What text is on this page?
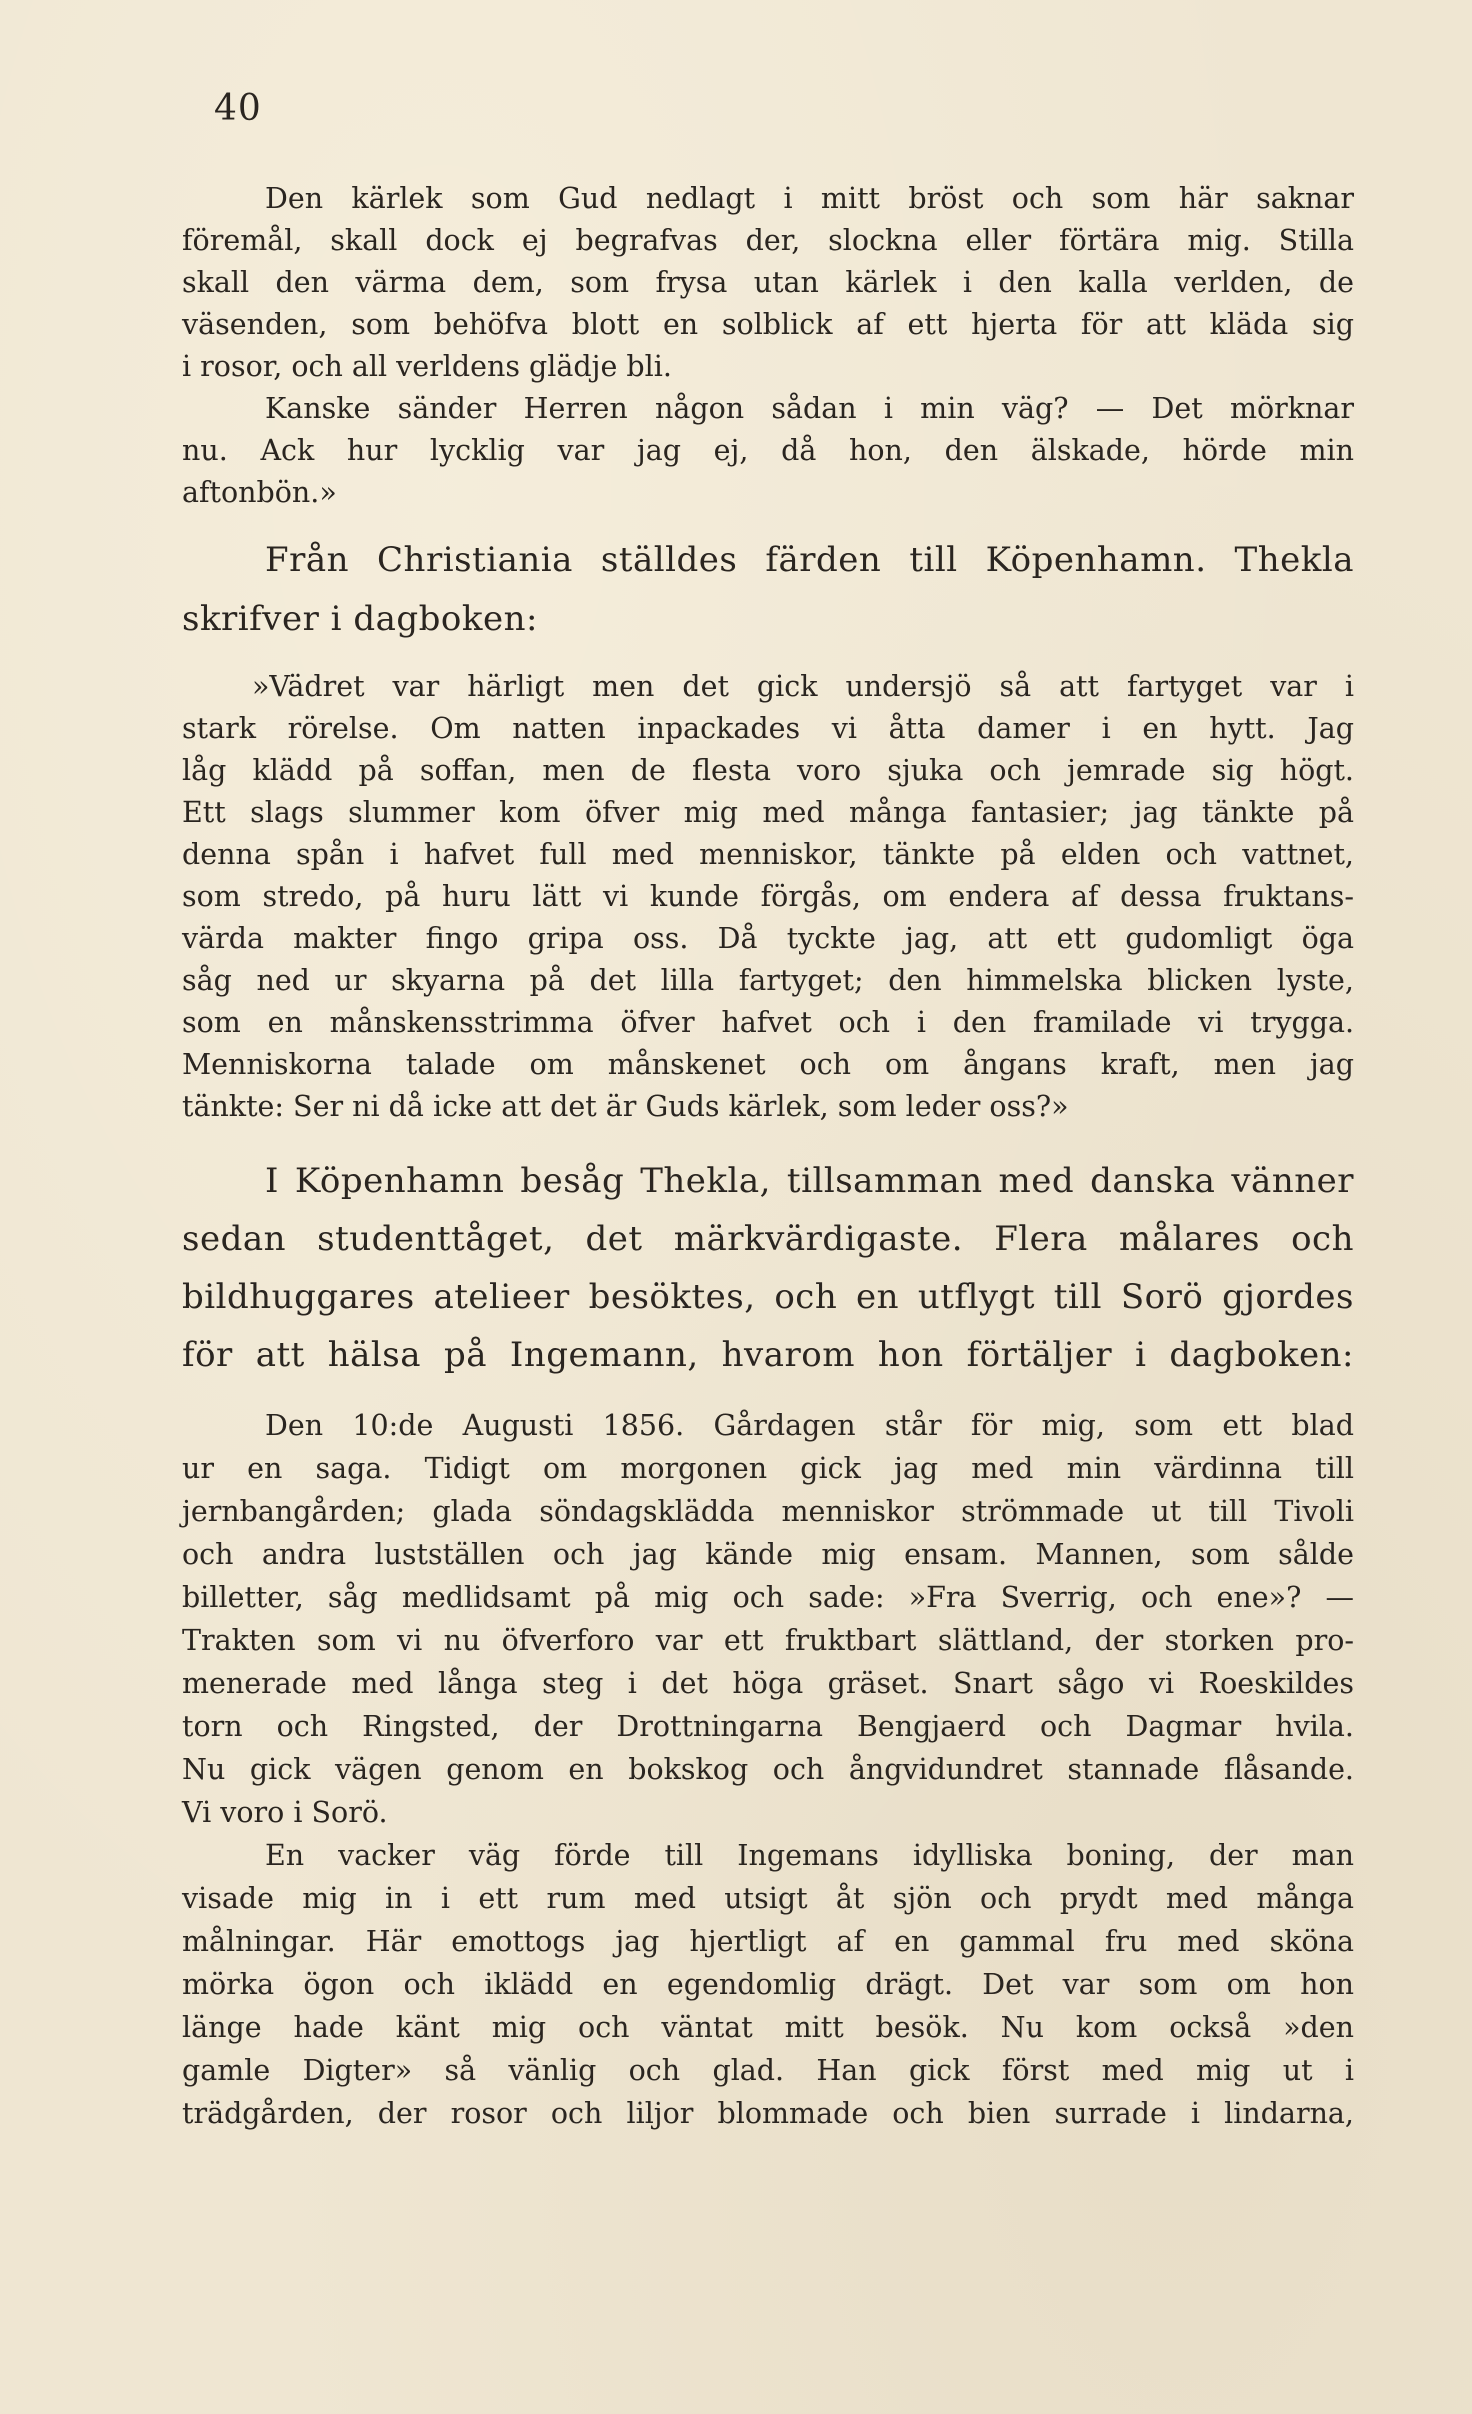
40
Den kärlek som Gud nedlagt i mitt bröst och som här saknar
föremål, skall dock ej begrafvas der, slockna eller förtära mig. Stilla
skall den värma dem, som frysa utan kärlek i den kalla verlden, de
väsenden, som behöfva blott en solblick af ett hjerta för att kläda sig
i rosor, och all verldens glädje bli.
Kanske sänder Herren någon sådan i min väg? — Det mörknar
nu. Ack hur lycklig var jag ej, då hon, den älskade, hörde min
aftonbön.»
Från Christiania ställdes färden till Köpenhamn. Thekla
skrifver i dagboken:
»Vädret var härligt men det gick undersjö så att fartyget var i
stark rörelse. Om natten inpackades vi åtta damer i en hytt. Jag
låg klädd på soffan, men de flesta voro sjuka och jemrade sig högt.
Ett slags slummer kom öfver mig med många fantasier; jag tänkte på
denna spån i hafvet full med menniskor, tänkte på elden och vattnet,
som stredo, på huru lätt vi kunde förgås, om endera af dessa fruktans-
värda makter fingo gripa oss. Då tyckte jag, att ett gudomligt öga
såg ned ur skyarna på det lilla fartyget; den himmelska blicken lyste,
som en månskensstrimma öfver hafvet och i den framilade vi trygga.
Menniskorna talade om månskenet och om ångans kraft, men jag
tänkte: Ser ni då icke att det är Guds kärlek, som leder oss?»
I Köpenhamn besåg Thekla, tillsamman med danska vänner
sedan studenttåget, det märkvärdigaste. Flera målares och
bildhuggares atelieer besöktes, och en utflygt till Sorö gjordes
för att hälsa på Ingemann, hvarom hon förtäljer i dagboken:
Den 10:de Augusti 1856. Gårdagen står för mig, som ett blad
ur en saga. Tidigt om morgonen gick jag med min värdinna till
jernbangården; glada söndagsklädda menniskor strömmade ut till Tivoli
och andra lustställen och jag kände mig ensam. Mannen, som sålde
billetter, såg medlidsamt på mig och sade: »Fra Sverrig, och ene»? —
Trakten som vi nu öfverforo var ett fruktbart slättland, der storken pro-
menerade med långa steg i det höga gräset. Snart sågo vi Roeskildes
torn och Ringsted, der Drottningarna Bengjaerd och Dagmar hvila.
Nu gick vägen genom en bokskog och ångvidundret stannade flåsande.
Vi voro i Sorö.
En vacker väg förde till Ingemans idylliska boning, der man
visade mig in i ett rum med utsigt åt sjön och prydt med många
målningar. Här emottogs jag hjertligt af en gammal fru med sköna
mörka ögon och iklädd en egendomlig drägt. Det var som om hon
länge hade känt mig och väntat mitt besök. Nu kom också »den
gamle Digter» så vänlig och glad. Han gick först med mig ut i
trädgården, der rosor och liljor blommade och bien surrade i lindarna,
